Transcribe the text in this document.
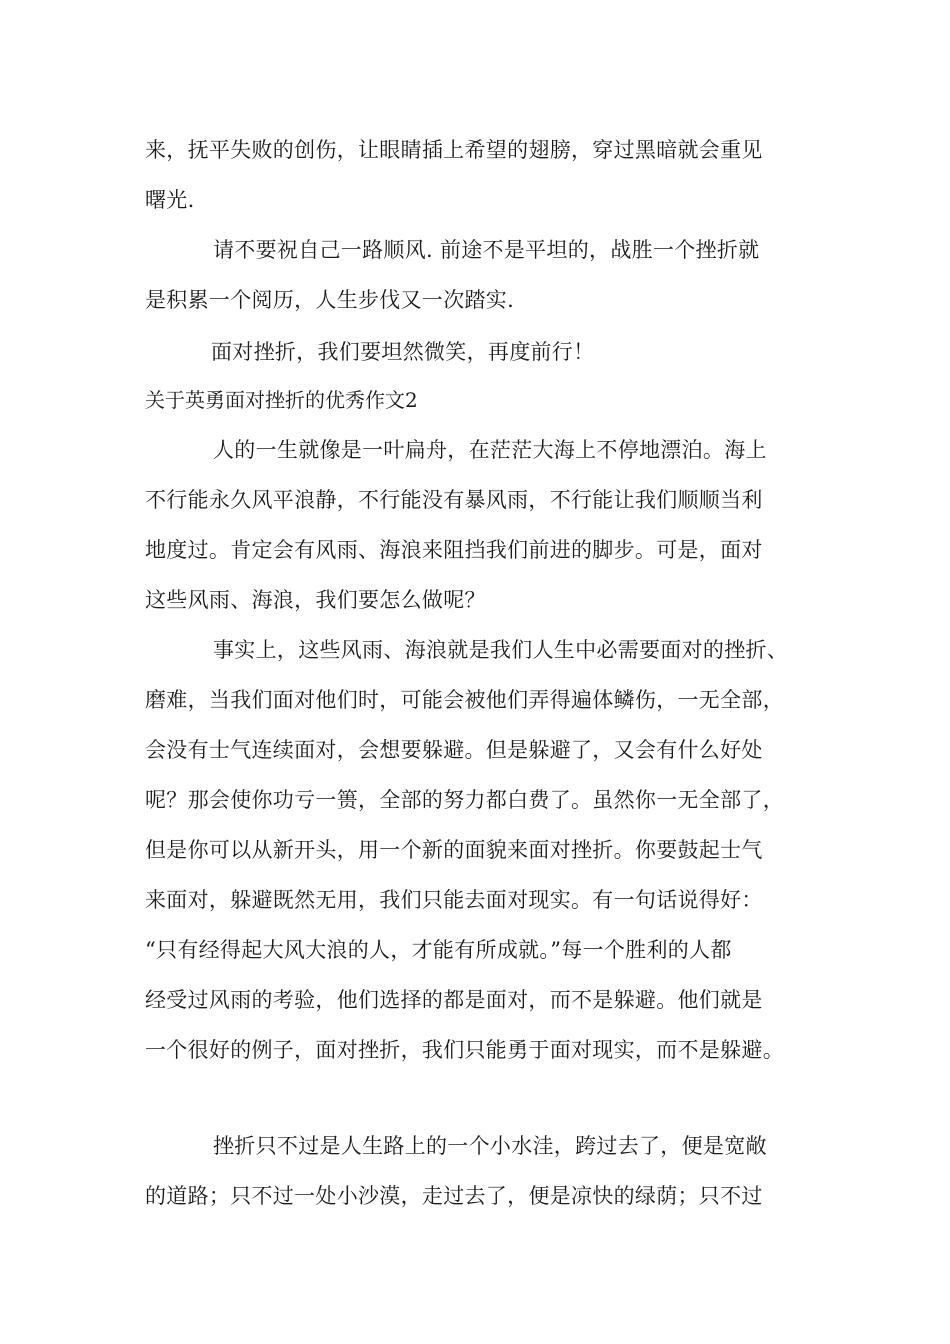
来，抚平失败的创伤，让眼睛插上希望的翅膀，穿过黑暗就会重见
曙光.
请不要祝自己一路顺风. 前途不是平坦的，战胜一个挫折就
是积累一个阅历，人生步伐又一次踏实.
面对挫折，我们要坦然微笑，再度前行！
关于英勇面对挫折的优秀作文2
人的一生就像是一叶扁舟，在茫茫大海上不停地漂泊。海上
不行能永久风平浪静，不行能没有暴风雨，不行能让我们顺顺当利
地度过。肯定会有风雨、海浪来阻挡我们前进的脚步。可是，面对
这些风雨、海浪，我们要怎么做呢？
事实上，这些风雨、海浪就是我们人生中必需要面对的挫折、
磨难，当我们面对他们时，可能会被他们弄得遍体鳞伤，一无全部，
会没有士气连续面对，会想要躲避。但是躲避了，又会有什么好处
呢？那会使你功亏一篑，全部的努力都白费了。虽然你一无全部了，
但是你可以从新开头，用一个新的面貌来面对挫折。你要鼓起士气
来面对，躲避既然无用，我们只能去面对现实。有一句话说得好：
“只有经得起大风大浪的人，才能有所成就。”每一个胜利的人都
经受过风雨的考验，他们选择的都是面对，而不是躲避。他们就是
一个很好的例子，面对挫折，我们只能勇于面对现实，而不是躲避。
挫折只不过是人生路上的一个小水洼，跨过去了，便是宽敞
的道路；只不过一处小沙漠，走过去了，便是凉快的绿荫；只不过
